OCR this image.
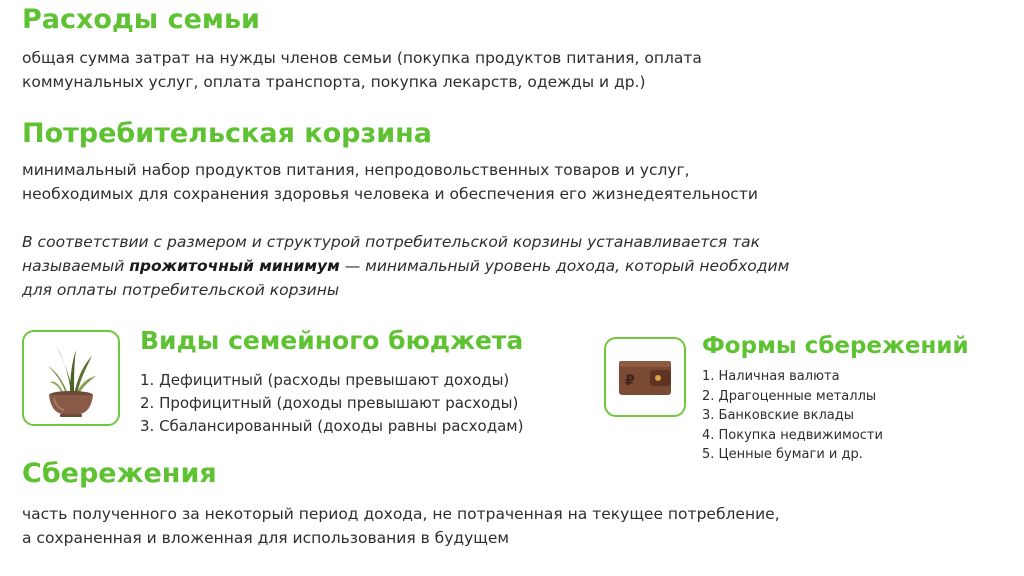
Расходы семьи

общая сумма затрат на нужды членов семьи (покупка продуктов питания, оплата

коммунальных услуг, оплата транспорта, покупка лекарств, одежды и др.)

Потребительская корзина

минимальный набор продуктов питания, непродовольственных товаров и услуг,

необходимых для сохранения здоровья человека и обеспечения его жизнедеятельности

В соответствии с размером и структурой потребительской корзины устанавливается так

называемый прожиточный минимум — минимальный уровень дохода, который необходим

для оплаты потребительской корзины

Виды семейного бюджета
1. Дефицитный (расходы превышают доходы)
2. Профицитный (доходы превышают расходы)
3. Сбалансированный (доходы равны расходам)
₽
Формы сбережений
1. Наличная валюта
2. Драгоценные металлы
3. Банковские вклады
4. Покупка недвижимости
5. Ценные бумаги и др.
Сбережения

часть полученного за некоторый период дохода, не потраченная на текущее потребление,

а сохраненная и вложенная для использования в будущем
